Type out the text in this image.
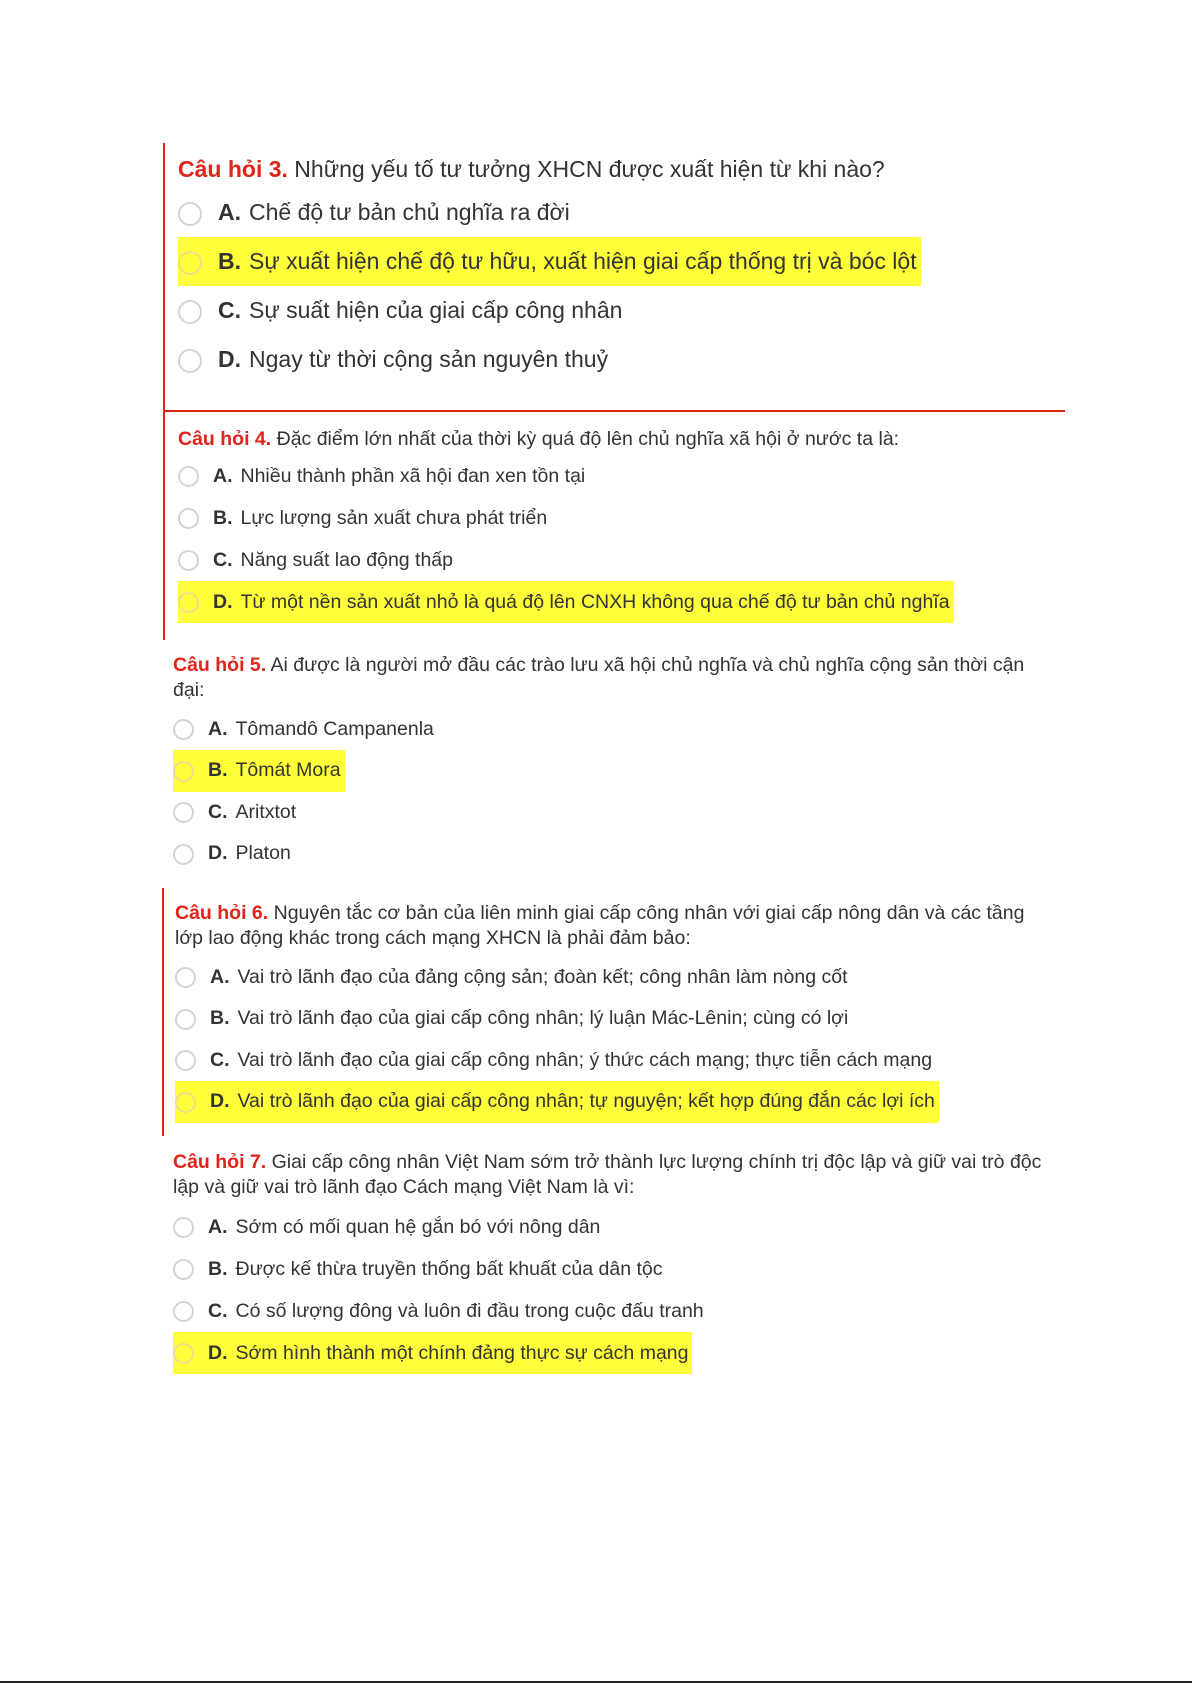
Câu hỏi 3. Những yếu tố tư tưởng XHCN được xuất hiện từ khi nào?

A. Chế độ tư bản chủ nghĩa ra đời
B. Sự xuất hiện chế độ tư hữu, xuất hiện giai cấp thống trị và bóc lột
C. Sự suất hiện của giai cấp công nhân
D. Ngay từ thời cộng sản nguyên thuỷ

Câu hỏi 4. Đặc điểm lớn nhất của thời kỳ quá độ lên chủ nghĩa xã hội ở nước ta là:

A. Nhiều thành phần xã hội đan xen tồn tại
B. Lực lượng sản xuất chưa phát triển
C. Năng suất lao động thấp
D. Từ một nền sản xuất nhỏ là quá độ lên CNXH không qua chế độ tư bản chủ nghĩa

Câu hỏi 5. Ai được là người mở đầu các trào lưu xã hội chủ nghĩa và chủ nghĩa cộng sản thời cận đại:

A. Tômandô Campanenla
B. Tômát Mora
C. Aritxtot
D. Platon

Câu hỏi 6. Nguyên tắc cơ bản của liên minh giai cấp công nhân với giai cấp nông dân và các tầng lớp lao động khác trong cách mạng XHCN là phải đảm bảo:

A. Vai trò lãnh đạo của đảng cộng sản; đoàn kết; công nhân làm nòng cốt
B. Vai trò lãnh đạo của giai cấp công nhân; lý luận Mác-Lênin; cùng có lợi
C. Vai trò lãnh đạo của giai cấp công nhân; ý thức cách mạng; thực tiễn cách mạng
D. Vai trò lãnh đạo của giai cấp công nhân; tự nguyện; kết hợp đúng đắn các lợi ích

Câu hỏi 7. Giai cấp công nhân Việt Nam sớm trở thành lực lượng chính trị độc lập và giữ vai trò độc lập và giữ vai trò lãnh đạo Cách mạng Việt Nam là vì:

A. Sớm có mối quan hệ gắn bó với nông dân
B. Được kế thừa truyền thống bất khuất của dân tộc
C. Có số lượng đông và luôn đi đầu trong cuộc đấu tranh
D. Sớm hình thành một chính đảng thực sự cách mạng
